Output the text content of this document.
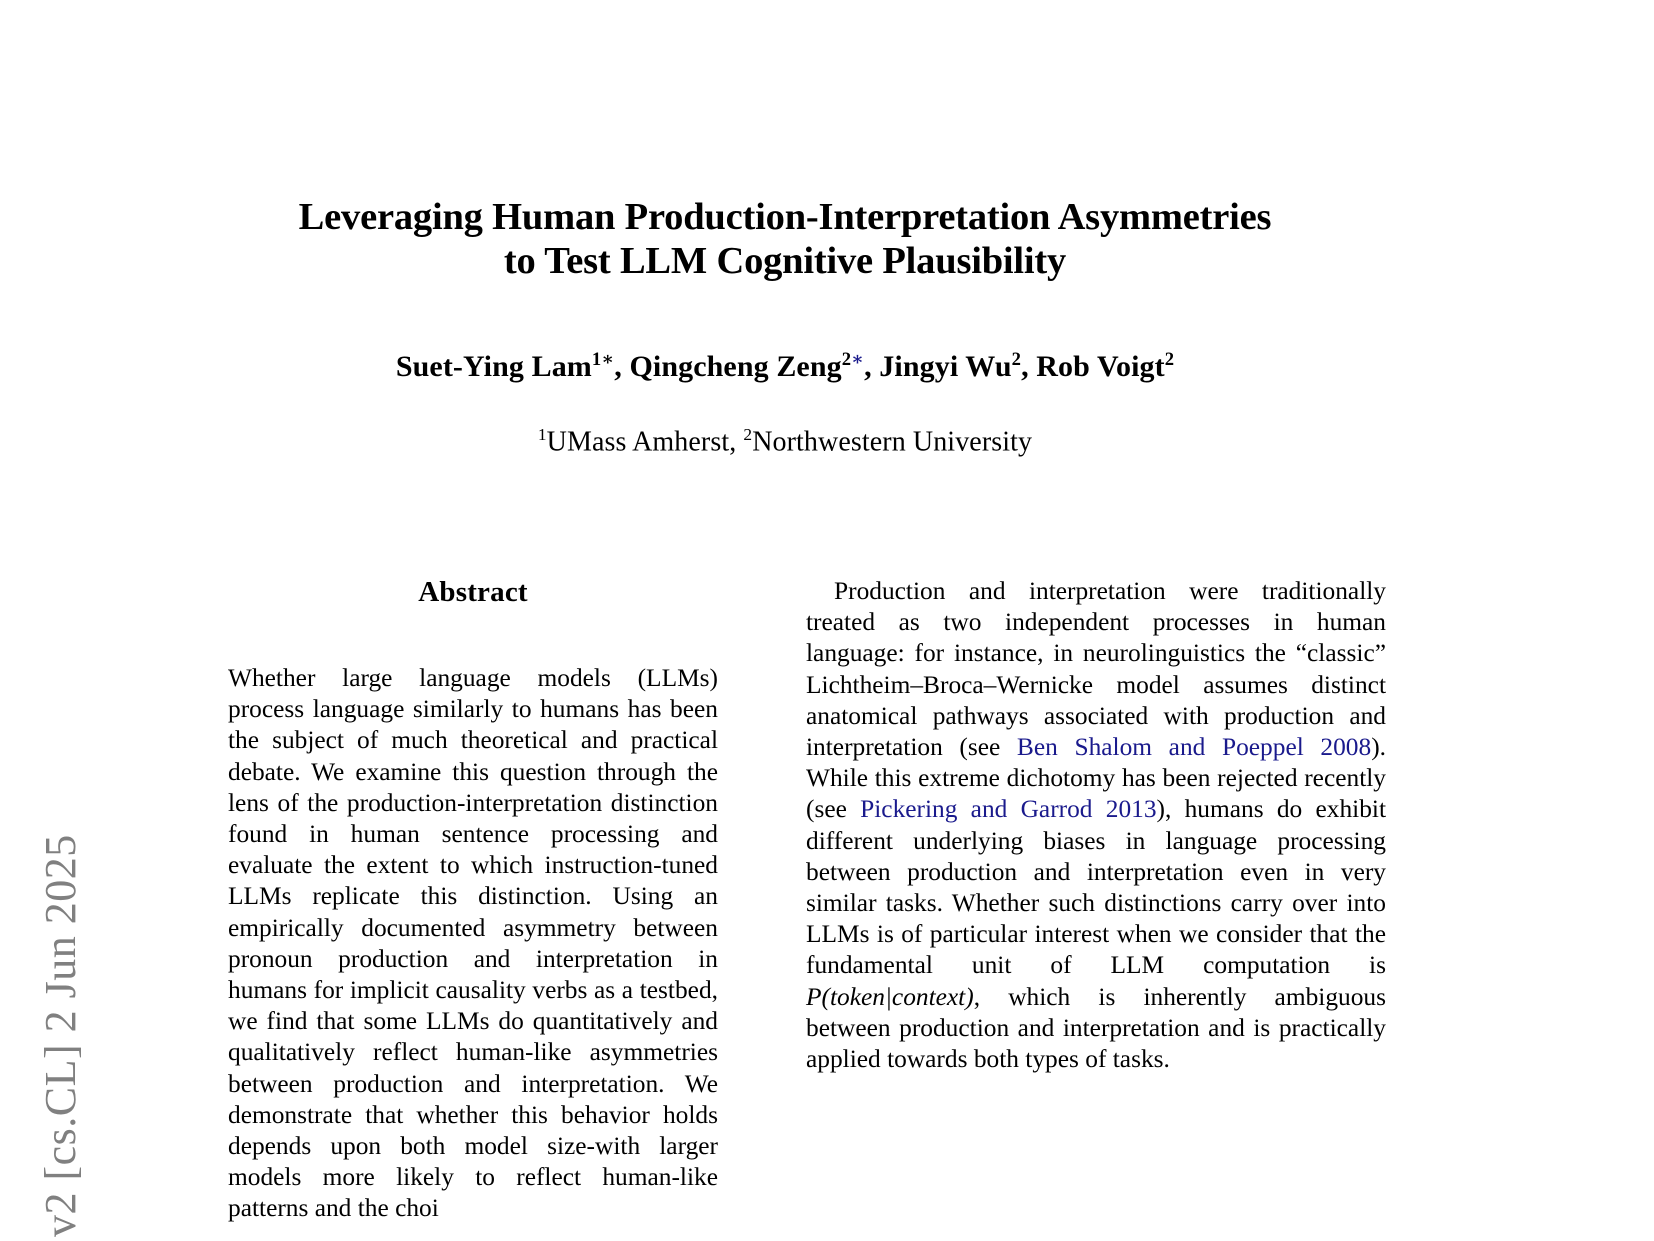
v2 [cs.CL] 2 Jun 2025
Leveraging Human Production-Interpretation Asymmetries
to Test LLM Cognitive Plausibility
Suet-Ying Lam$^{1∗}$, Qingcheng Zeng$^{2∗}$, Jingyi Wu$^2$, Rob Voigt$^2$
$^1$UMass Amherst, $^2$Northwestern University
Abstract

Whether large language models (LLMs) process language similarly to humans has been the subject of much theoretical and practical debate. We examine this question through the lens of the production-interpretation distinction found in human sentence processing and evaluate the extent to which instruction-tuned LLMs replicate this distinction. Using an empirically documented asymmetry between pronoun production and interpretation in humans for implicit causality verbs as a testbed, we find that some LLMs do quantitatively and qualitatively reflect human-like asymmetries between production and interpretation. We demonstrate that whether this behavior holds depends upon both model size-with larger models more likely to reflect human-like patterns and the choi

Production and interpretation were traditionally treated as two independent processes in human language: for instance, in neurolinguistics the “classic” Lichtheim–Broca–Wernicke model assumes distinct anatomical pathways associated with production and interpretation (see Ben Shalom and Poeppel 2008). While this extreme dichotomy has been rejected recently (see Pickering and Garrod 2013), humans do exhibit different underlying biases in language processing between production and interpretation even in very similar tasks. Whether such distinctions carry over into LLMs is of particular interest when we consider that the fundamental unit of LLM computation is P(token|context), which is inherently ambiguous between production and interpretation and is practically applied towards both types of tasks.
